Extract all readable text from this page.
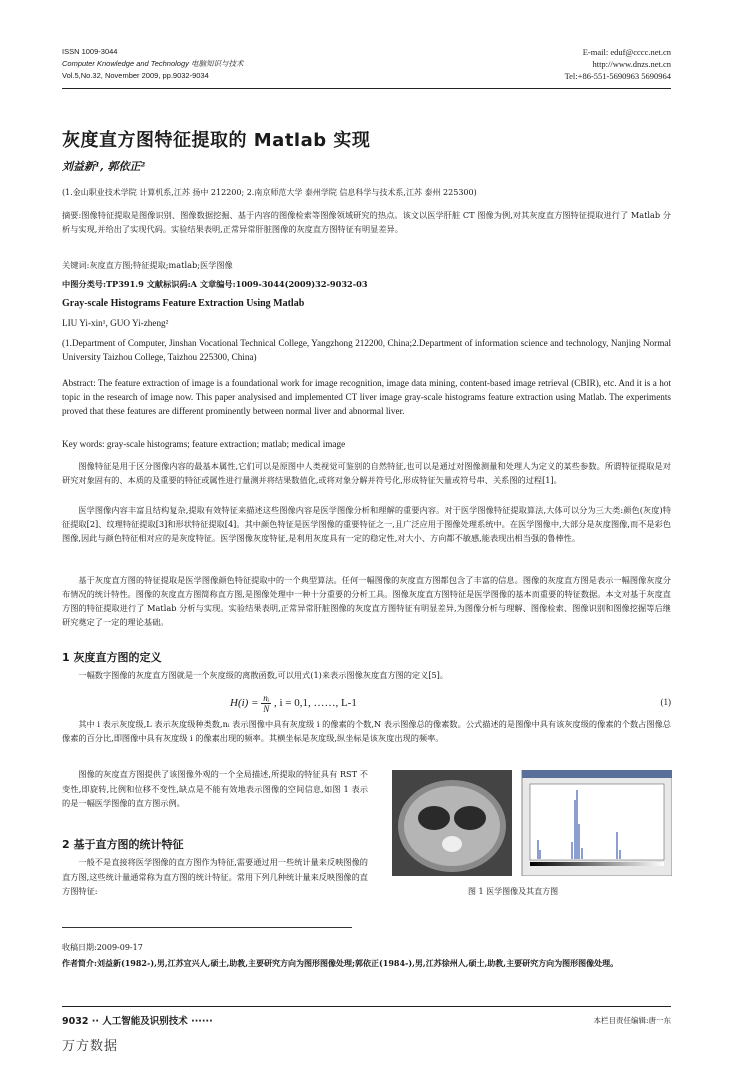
ISSN 1009-3044
Computer Knowledge and Technology 电脑知识与技术
Vol.5,No.32, November 2009, pp.9032-9034
E-mail: eduf@cccc.net.cn
http://www.dnzs.net.cn
Tel:+86-551-5690963 5690964
灰度直方图特征提取的 Matlab 实现
刘益新¹, 郭依正²
(1.金山职业技术学院 计算机系,江苏 扬中 212200; 2.南京师范大学 泰州学院 信息科学与技术系,江苏 泰州 225300)
摘要:图像特征提取是图像识别、图像数据挖掘、基于内容的图像检索等图像领域研究的热点。该文以医学肝脏 CT 图像为例,对其灰度直方图特征提取进行了 Matlab 分析与实现,并给出了实现代码。实验结果表明,正常异常肝脏图像的灰度直方图特征有明显差异。
关键词:灰度直方图;特征提取;matlab;医学图像
中图分类号:TP391.9 文献标识码:A 文章编号:1009-3044(2009)32-9032-03
Gray-scale Histograms Feature Extraction Using Matlab
LIU Yi-xin¹, GUO Yi-zheng²
(1.Department of Computer, Jinshan Vocational Technical College, Yangzhong 212200, China;2.Department of information science and technology, Nanjing Normal University Taizhou College, Taizhou 225300, China)
Abstract: The feature extraction of image is a foundational work for image recognition, image data mining, content-based image retrieval (CBIR), etc. And it is a hot topic in the research of image now. This paper analysised and implemented CT liver image gray-scale histograms feature extraction using Matlab. The experiments proved that these features are different prominently between normal liver and abnormal liver.
Key words: gray-scale histograms; feature extraction; matlab; medical image
图像特征是用于区分图像内容的最基本属性,它们可以是原图中人类视觉可鉴别的自然特征,也可以是通过对图像测量和处理人为定义的某些参数。所谓特征提取是对研究对象固有的、本质的及重要的特征或属性进行量测并将结果数值化,或将对象分解并符号化,形成特征矢量或符号串、关系图的过程[1]。
医学图像内容丰富且结构复杂,提取有效特征来描述这些图像内容是医学图像分析和理解的重要内容。对于医学图像特征提取算法,大体可以分为三大类:颜色(灰度)特征提取[2]、纹理特征提取[3]和形状特征提取[4]。其中颜色特征是医学图像的重要特征之一,且广泛应用于图像处理系统中。在医学图像中,大部分是灰度图像,而不是彩色图像,因此与颜色特征相对应的是灰度特征。医学图像灰度特征,是利用灰度具有一定的稳定性,对大小、方向都不敏感,能表现出相当强的鲁棒性。
基于灰度直方图的特征提取是医学图像颜色特征提取中的一个典型算法。任何一幅图像的灰度直方图都包含了丰富的信息。图像的灰度直方图是表示一幅图像灰度分布情况的统计特性。图像的灰度直方图简称直方图,是图像处理中一种十分重要的分析工具。图像灰度直方图特征是医学图像的基本而重要的特征数据。本文对基于灰度直方图的特征提取进行了 Matlab 分析与实现。实验结果表明,正常异常肝脏图像的灰度直方图特征有明显差异,为图像分析与理解、图像检索、图像识别和图像挖掘等后继研究奠定了一定的理论基础。
1 灰度直方图的定义
一幅数字图像的灰度直方图就是一个灰度级的离散函数,可以用式(1)来表示图像灰度直方图的定义[5]。
$H(i) = \frac{\text{nᵢ}}{N}$ , i = 0,1, ……, L-1	(1)
其中 i 表示灰度级,L 表示灰度级种类数,nᵢ 表示图像中具有灰度级 i 的像素的个数,N 表示图像总的像素数。公式描述的是图像中具有该灰度级的像素的个数占图像总像素的百分比,即图像中具有灰度级 i 的像素出现的频率。其横坐标是灰度级,纵坐标是该灰度出现的频率。
图像的灰度直方图提供了该图像外观的一个全局描述,所提取的特征具有 RST 不变性,即旋转,比例和位移不变性,缺点是不能有效地表示图像的空间信息,如图 1 表示的是一幅医学图像的直方图示例。
2 基于直方图的统计特征
一般不是直接将医学图像的直方图作为特征,需要通过用一些统计量来反映图像的直方图,这些统计量通常称为直方图的统计特征。常用下列几种统计量来反映图像的直方图特征:	图 1 医学图像及其直方图
收稿日期:2009-09-17
作者简介:刘益新(1982-),男,江苏宜兴人,硕士,助教,主要研究方向为图形图像处理;郭依正(1984-),男,江苏徐州人,硕士,助教,主要研究方向为图形图像处理。
9032 ·· 人工智能及识别技术 ······	本栏目责任编辑:唐一东
万方数据
